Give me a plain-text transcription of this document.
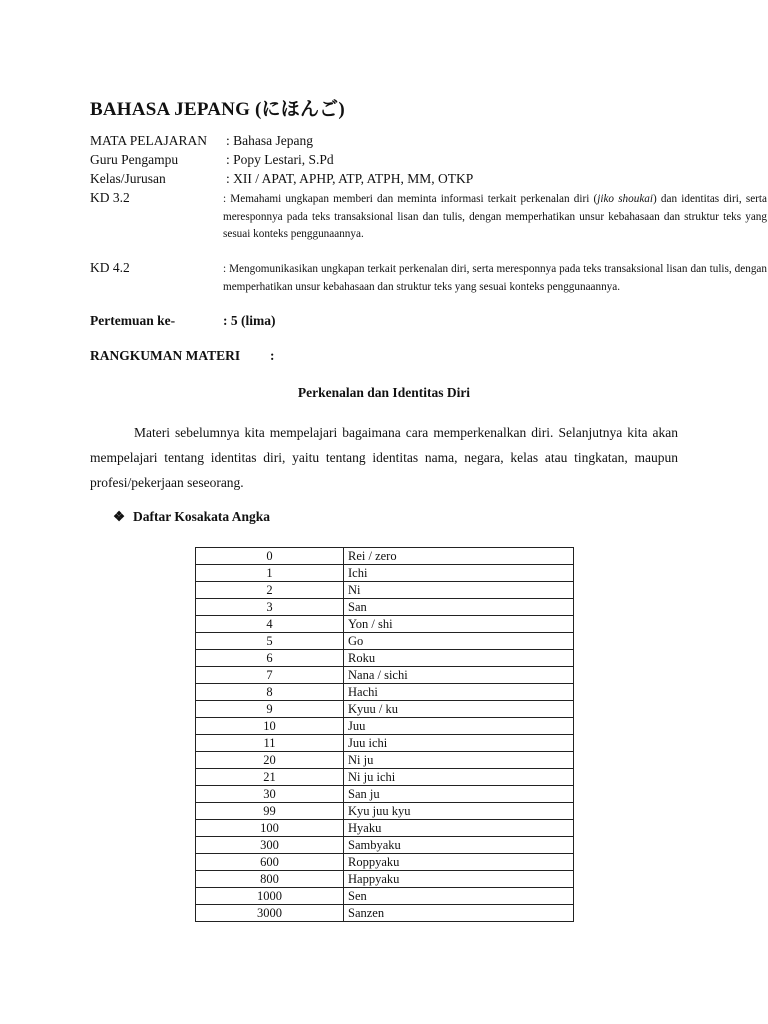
BAHASA JEPANG (にほんご)
MATA PELAJARAN : Bahasa Jepang
Guru Pengampu	: Popy Lestari, S.Pd
Kelas/Jurusan	: XII / APAT, APHP, ATP, ATPH, MM, OTKP
KD 3.2	: Memahami ungkapan memberi dan meminta informasi terkait perkenalan diri (jiko shoukai) dan identitas diri, serta meresponnya pada teks transaksional lisan dan tulis, dengan memperhatikan unsur kebahasaan dan struktur teks yang sesuai konteks penggunaannya.
KD 4.2	: Mengomunikasikan ungkapan terkait perkenalan diri, serta meresponnya pada teks transaksional lisan dan tulis, dengan memperhatikan unsur kebahasaan dan struktur teks yang sesuai konteks penggunaannya.
Pertemuan ke-	: 5 (lima)
RANGKUMAN MATERI :
Perkenalan dan Identitas Diri
Materi sebelumnya kita mempelajari bagaimana cara memperkenalkan diri. Selanjutnya kita akan mempelajari tentang identitas diri, yaitu tentang identitas nama, negara, kelas atau tingkatan, maupun profesi/pekerjaan seseorang.
❖ Daftar Kosakata Angka
0	Rei / zero
1	Ichi
2	Ni
3	San
4	Yon / shi
5	Go
6	Roku
7	Nana / sichi
8	Hachi
9	Kyuu / ku
10	Juu
11	Juu ichi
20	Ni ju
21	Ni ju ichi
30	San ju
99	Kyu juu kyu
100	Hyaku
300	Sambyaku
600	Roppyaku
800	Happyaku
1000	Sen
3000	Sanzen
